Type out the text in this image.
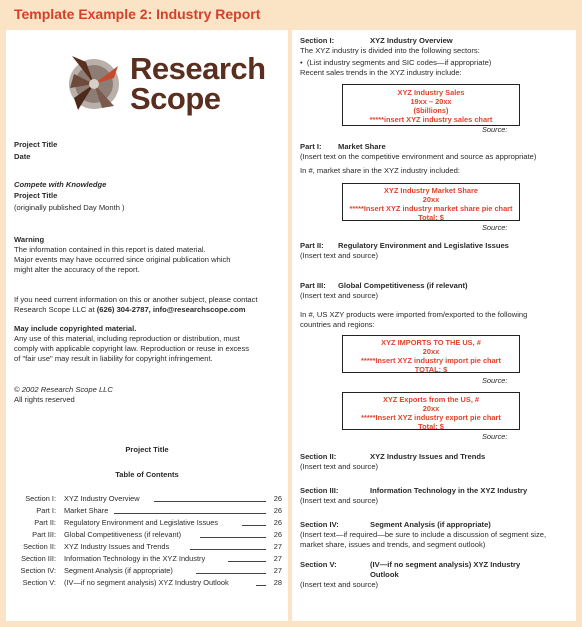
Template Example 2: Industry Report
Research
Scope
Project Title
Date
Compete with Knowledge
Project Title
(originally published Day Month )
Warning
The information contained in this report is dated material.
Major events may have occurred since original publication which
might alter the accuracy of the report.
If you need current information on this or another subject, please contact
Research Scope LLC at (626) 304-2787, info@researchscope.com
May include copyrighted material.
Any use of this material, including reproduction or distribution, must
comply with applicable copyright law. Reproduction or reuse in excess
of "fair use" may result in liability for copyright infringement.
© 2002 Research Scope LLC
All rights reserved
Project Title
Table of Contents
Section I: XYZ Industry Overview	26
Part I: Market Share	26
Part II: Regulatory Environment and Legislative Issues	26
Part III: Global Competitiveness (if relevant)	26
Section II: XYZ Industry Issues and Trends	27
Section III: Information Technology in the XYZ Industry	27
Section IV: Segment Analysis (if appropriate)	27
Section V: (IV—if no segment analysis) XYZ Industry Outlook	28
Section I:	XYZ Industry Overview
The XYZ industry is divided into the following sectors:
•  (List industry segments and SIC codes—if appropriate)
Recent sales trends in the XYZ industry include:
XYZ Industry Sales
19xx – 20xx
($billions)
*****insert XYZ industry sales chart
Source:
Part I: Market Share
(Insert text on the competitive environment and source as appropriate)
In #, market share in the XYZ industry included:
XYZ Industry Market Share
20xx
*****Insert XYZ industry market share pie chart
Total: $
Source:
Part II: Regulatory Environment and Legislative Issues
(Insert text and source)
Part III: Global Competitiveness (if relevant)
(Insert text and source)
In #, US XZY products were imported from/exported to the following
countries and regions:
XYZ IMPORTS TO THE US, #
20xx
*****Insert XYZ industry import pie chart
TOTAL: $
Source:
XYZ Exports from the US, #
20xx
*****Insert XYZ industry export pie chart
Total: $
Source:
Section II:	XYZ Industry Issues and Trends
(Insert text and source)
Section III:	Information Technology in the XYZ Industry
(Insert text and source)
Section IV:	Segment Analysis (if appropriate)
(Insert text—if required—be sure to include a discussion of segment size,
market share, issues and trends, and segment outlook)
Section V:	(IV—if no segment analysis) XYZ Industry
Outlook
(Insert text and source)
